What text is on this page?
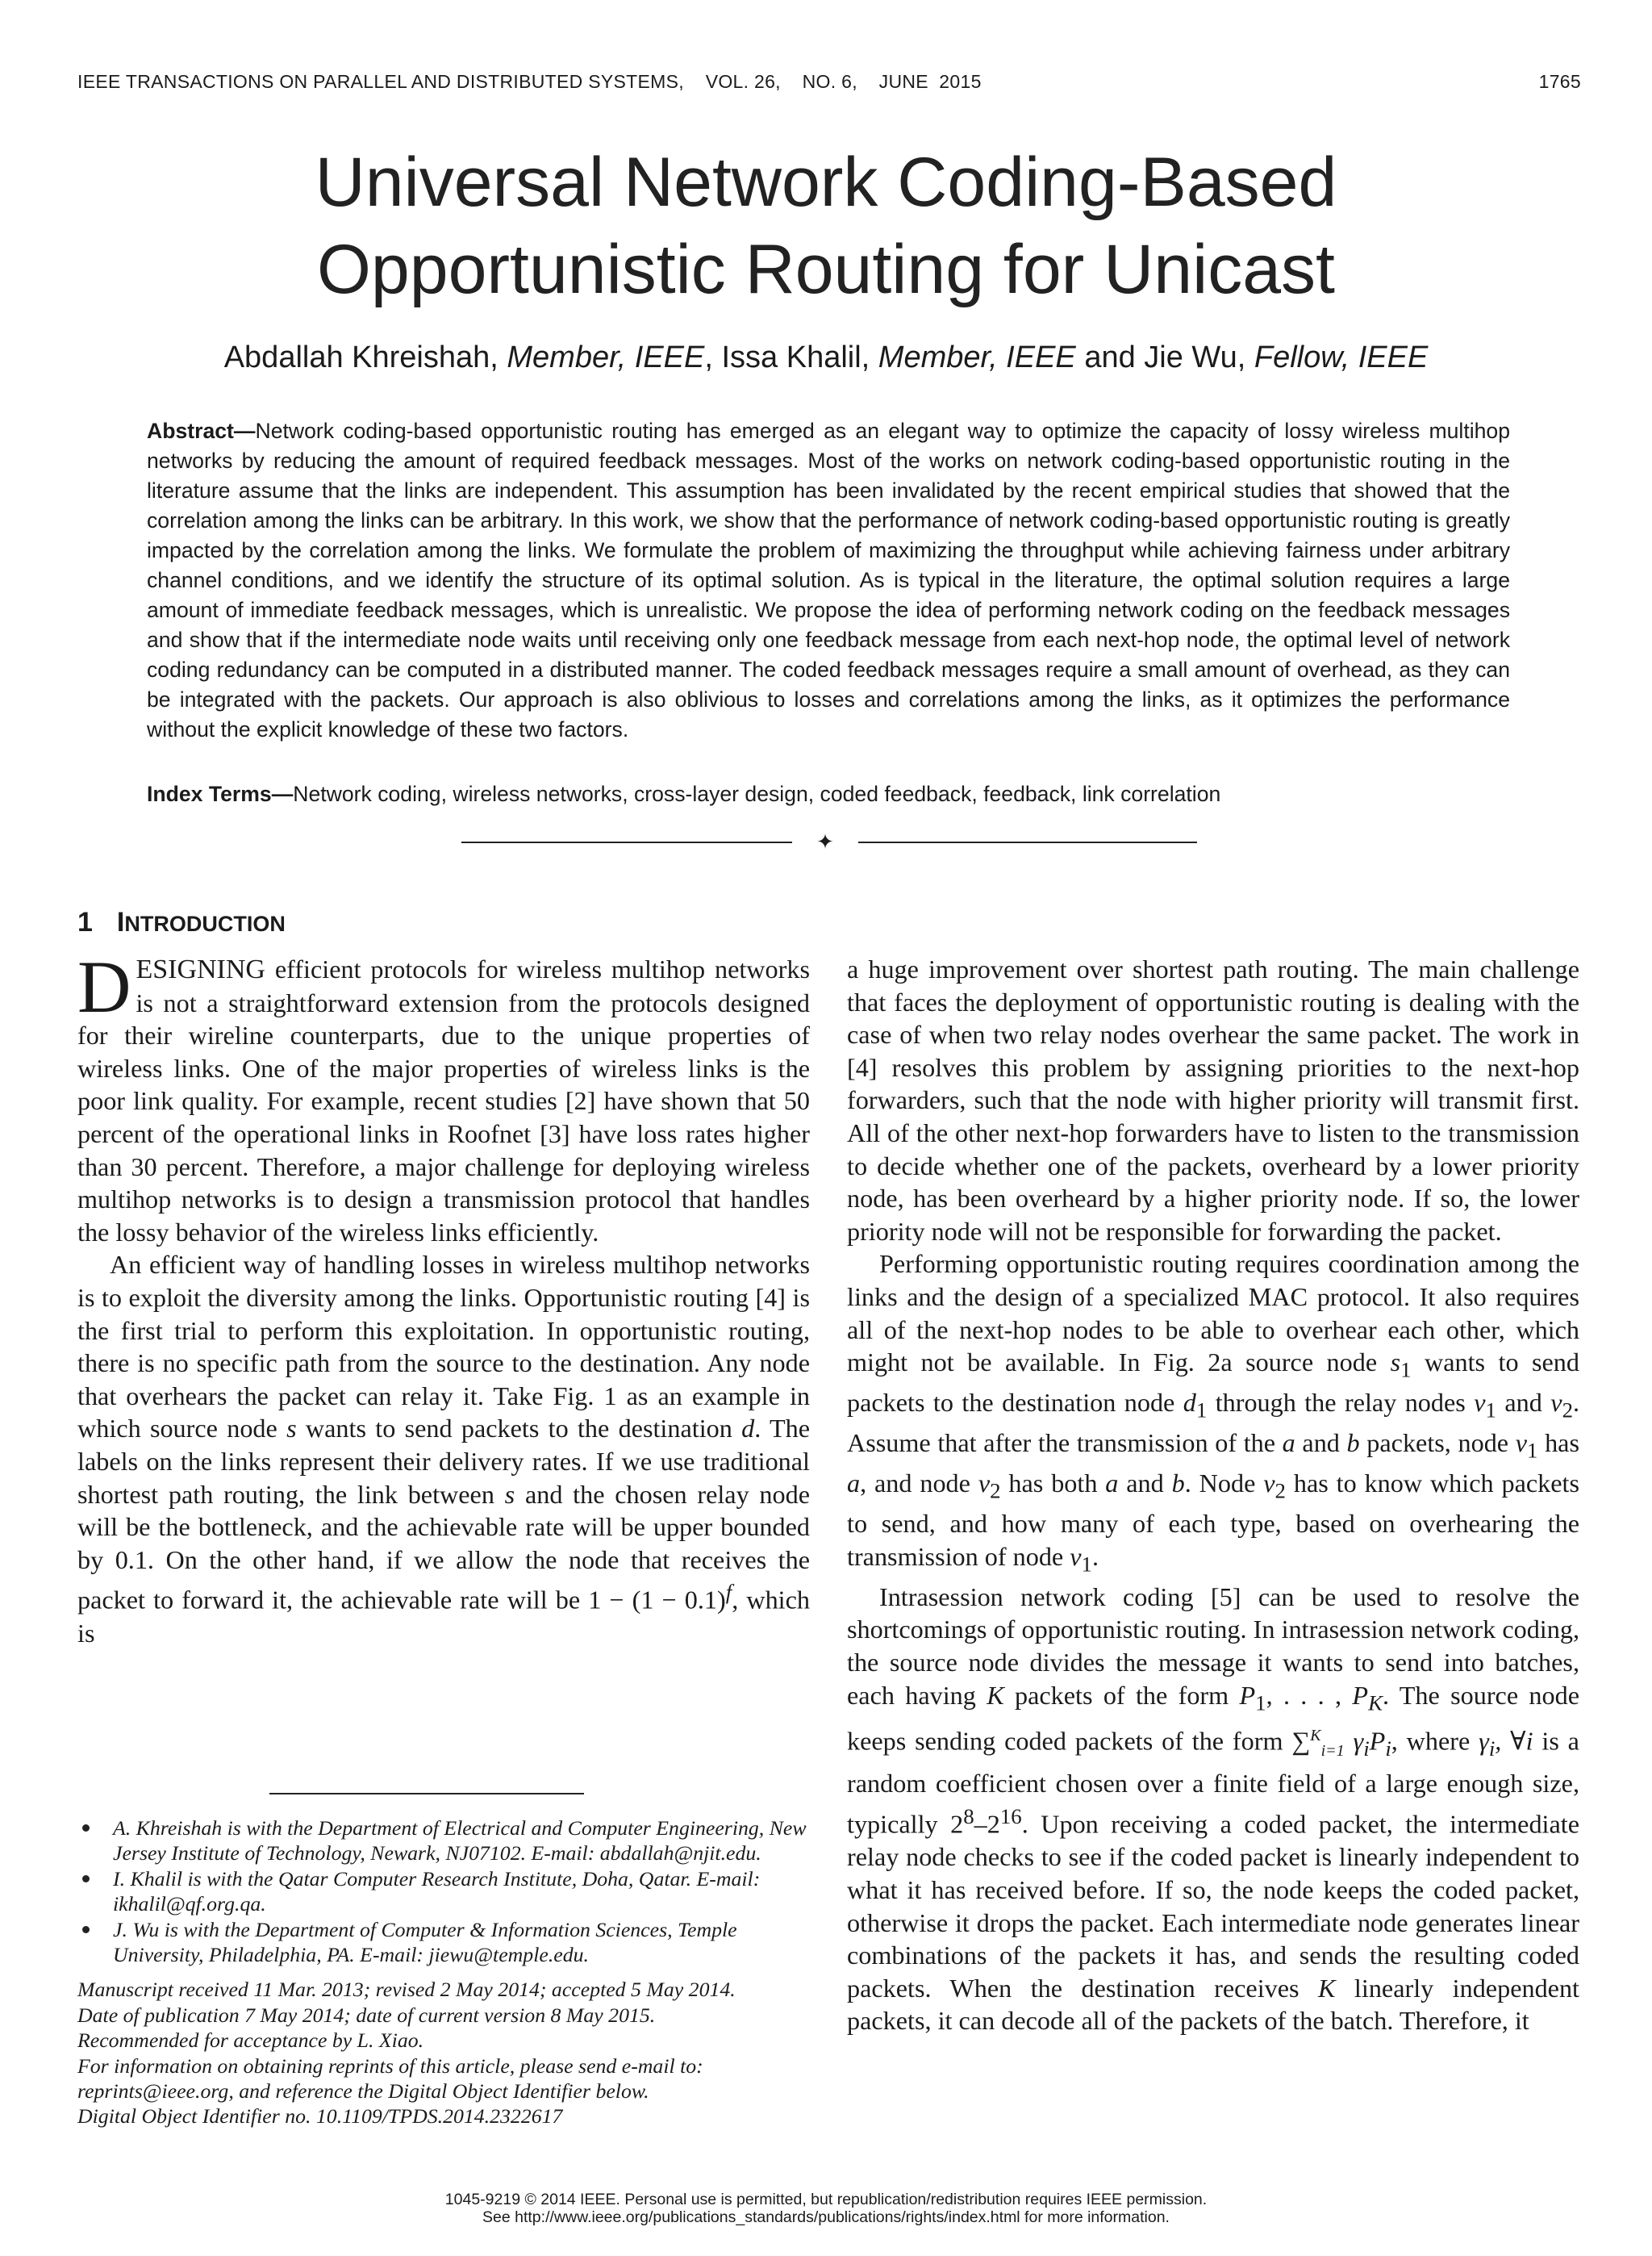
IEEE TRANSACTIONS ON PARALLEL AND DISTRIBUTED SYSTEMS,    VOL. 26,    NO. 6,    JUNE  2015	1765
Universal Network Coding-Based
Opportunistic Routing for Unicast
Abdallah Khreishah, Member, IEEE, Issa Khalil, Member, IEEE and Jie Wu, Fellow, IEEE
Abstract—Network coding-based opportunistic routing has emerged as an elegant way to optimize the capacity of lossy wireless multihop networks by reducing the amount of required feedback messages. Most of the works on network coding-based opportunistic routing in the literature assume that the links are independent. This assumption has been invalidated by the recent empirical studies that showed that the correlation among the links can be arbitrary. In this work, we show that the performance of network coding-based opportunistic routing is greatly impacted by the correlation among the links. We formulate the problem of maximizing the throughput while achieving fairness under arbitrary channel conditions, and we identify the structure of its optimal solution. As is typical in the literature, the optimal solution requires a large amount of immediate feedback messages, which is unrealistic. We propose the idea of performing network coding on the feedback messages and show that if the intermediate node waits until receiving only one feedback message from each next-hop node, the optimal level of network coding redundancy can be computed in a distributed manner. The coded feedback messages require a small amount of overhead, as they can be integrated with the packets. Our approach is also oblivious to losses and correlations among the links, as it optimizes the performance without the explicit knowledge of these two factors.
Index Terms—Network coding, wireless networks, cross-layer design, coded feedback, feedback, link correlation
✦
1 INTRODUCTION

DESIGNING efficient protocols for wireless multihop networks is not a straightforward extension from the protocols designed for their wireline counterparts, due to the unique properties of wireless links. One of the major properties of wireless links is the poor link quality. For example, recent studies [2] have shown that 50 percent of the operational links in Roofnet [3] have loss rates higher than 30 percent. Therefore, a major challenge for deploying wireless multihop networks is to design a transmission protocol that handles the lossy behavior of the wireless links efficiently.

An efficient way of handling losses in wireless multihop networks is to exploit the diversity among the links. Opportunistic routing [4] is the first trial to perform this exploitation. In opportunistic routing, there is no specific path from the source to the destination. Any node that overhears the packet can relay it. Take Fig. 1 as an example in which source node s wants to send packets to the destination d. The labels on the links represent their delivery rates. If we use traditional shortest path routing, the link between s and the chosen relay node will be the bottleneck, and the achievable rate will be upper bounded by 0.1. On the other hand, if we allow the node that receives the packet to forward it, the achievable rate will be $1 - (1 - 0.1)^f$, which is

A. Khreishah is with the Department of Electrical and Computer Engineering, New Jersey Institute of Technology, Newark, NJ07102. E-mail: abdallah@njit.edu.

I. Khalil is with the Qatar Computer Research Institute, Doha, Qatar. E-mail: ikhalil@qf.org.qa.

J. Wu is with the Department of Computer & Information Sciences, Temple University, Philadelphia, PA. E-mail: jiewu@temple.edu.

Manuscript received 11 Mar. 2013; revised 2 May 2014; accepted 5 May 2014.
Date of publication 7 May 2014; date of current version 8 May 2015.
Recommended for acceptance by L. Xiao.
For information on obtaining reprints of this article, please send e-mail to:
reprints@ieee.org, and reference the Digital Object Identifier below.
Digital Object Identifier no. 10.1109/TPDS.2014.2322617

a huge improvement over shortest path routing. The main challenge that faces the deployment of opportunistic routing is dealing with the case of when two relay nodes overhear the same packet. The work in [4] resolves this problem by assigning priorities to the next-hop forwarders, such that the node with higher priority will transmit first. All of the other next-hop forwarders have to listen to the transmission to decide whether one of the packets, overheard by a lower priority node, has been overheard by a higher priority node. If so, the lower priority node will not be responsible for forwarding the packet.

Performing opportunistic routing requires coordination among the links and the design of a specialized MAC protocol. It also requires all of the next-hop nodes to be able to overhear each other, which might not be available. In Fig. 2a source node $s_1$ wants to send packets to the destination node $d_1$ through the relay nodes $v_1$ and $v_2$. Assume that after the transmission of the a and b packets, node $v_1$ has a, and node $v_2$ has both a and b. Node $v_2$ has to know which packets to send, and how many of each type, based on overhearing the transmission of node $v_1$.

Intrasession network coding [5] can be used to resolve the shortcomings of opportunistic routing. In intrasession network coding, the source node divides the message it wants to send into batches, each having K packets of the form $P_1$, . . . , $P_K$. The source node keeps sending coded packets of the form ∑$^K_{i=1}$ $\gamma_iP_i$, where $\gamma_i$, ∀i is a random coefficient chosen over a finite field of a large enough size, typically $2^8-2^{16}$. Upon receiving a coded packet, the intermediate relay node checks to see if the coded packet is linearly independent to what it has received before. If so, the node keeps the coded packet, otherwise it drops the packet. Each intermediate node generates linear combinations of the packets it has, and sends the resulting coded packets. When the destination receives K linearly independent packets, it can decode all of the packets of the batch. Therefore, it

1045-9219 © 2014 IEEE. Personal use is permitted, but republication/redistribution requires IEEE permission.
See http://www.ieee.org/publications_standards/publications/rights/index.html for more information.
